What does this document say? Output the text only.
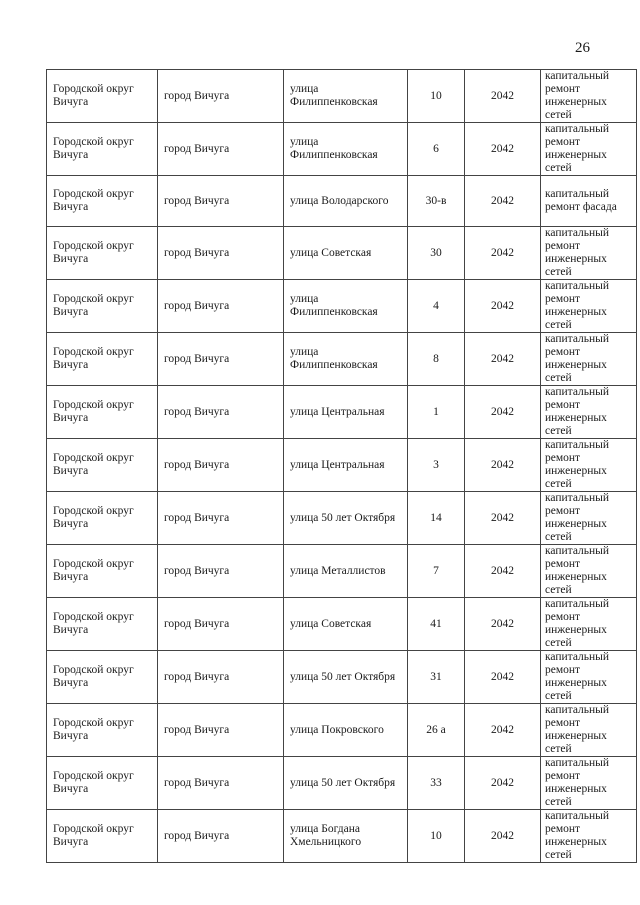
26
Городской округ Вичуга	город Вичуга	улица Филиппенковская	10	2042	капитальный ремонт инженерных сетей
Городской округ Вичуга	город Вичуга	улица Филиппенковская	6	2042	капитальный ремонт инженерных сетей
Городской округ Вичуга	город Вичуга	улица Володарского	30-в	2042	капитальный ремонт фасада
Городской округ Вичуга	город Вичуга	улица Советская	30	2042	капитальный ремонт инженерных сетей
Городской округ Вичуга	город Вичуга	улица Филиппенковская	4	2042	капитальный ремонт инженерных сетей
Городской округ Вичуга	город Вичуга	улица Филиппенковская	8	2042	капитальный ремонт инженерных сетей
Городской округ Вичуга	город Вичуга	улица Центральная	1	2042	капитальный ремонт инженерных сетей
Городской округ Вичуга	город Вичуга	улица Центральная	3	2042	капитальный ремонт инженерных сетей
Городской округ Вичуга	город Вичуга	улица 50 лет Октября	14	2042	капитальный ремонт инженерных сетей
Городской округ Вичуга	город Вичуга	улица Металлистов	7	2042	капитальный ремонт инженерных сетей
Городской округ Вичуга	город Вичуга	улица Советская	41	2042	капитальный ремонт инженерных сетей
Городской округ Вичуга	город Вичуга	улица 50 лет Октября	31	2042	капитальный ремонт инженерных сетей
Городской округ Вичуга	город Вичуга	улица Покровского	26 а	2042	капитальный ремонт инженерных сетей
Городской округ Вичуга	город Вичуга	улица 50 лет Октября	33	2042	капитальный ремонт инженерных сетей
Городской округ Вичуга	город Вичуга	улица Богдана Хмельницкого	10	2042	капитальный ремонт инженерных сетей
